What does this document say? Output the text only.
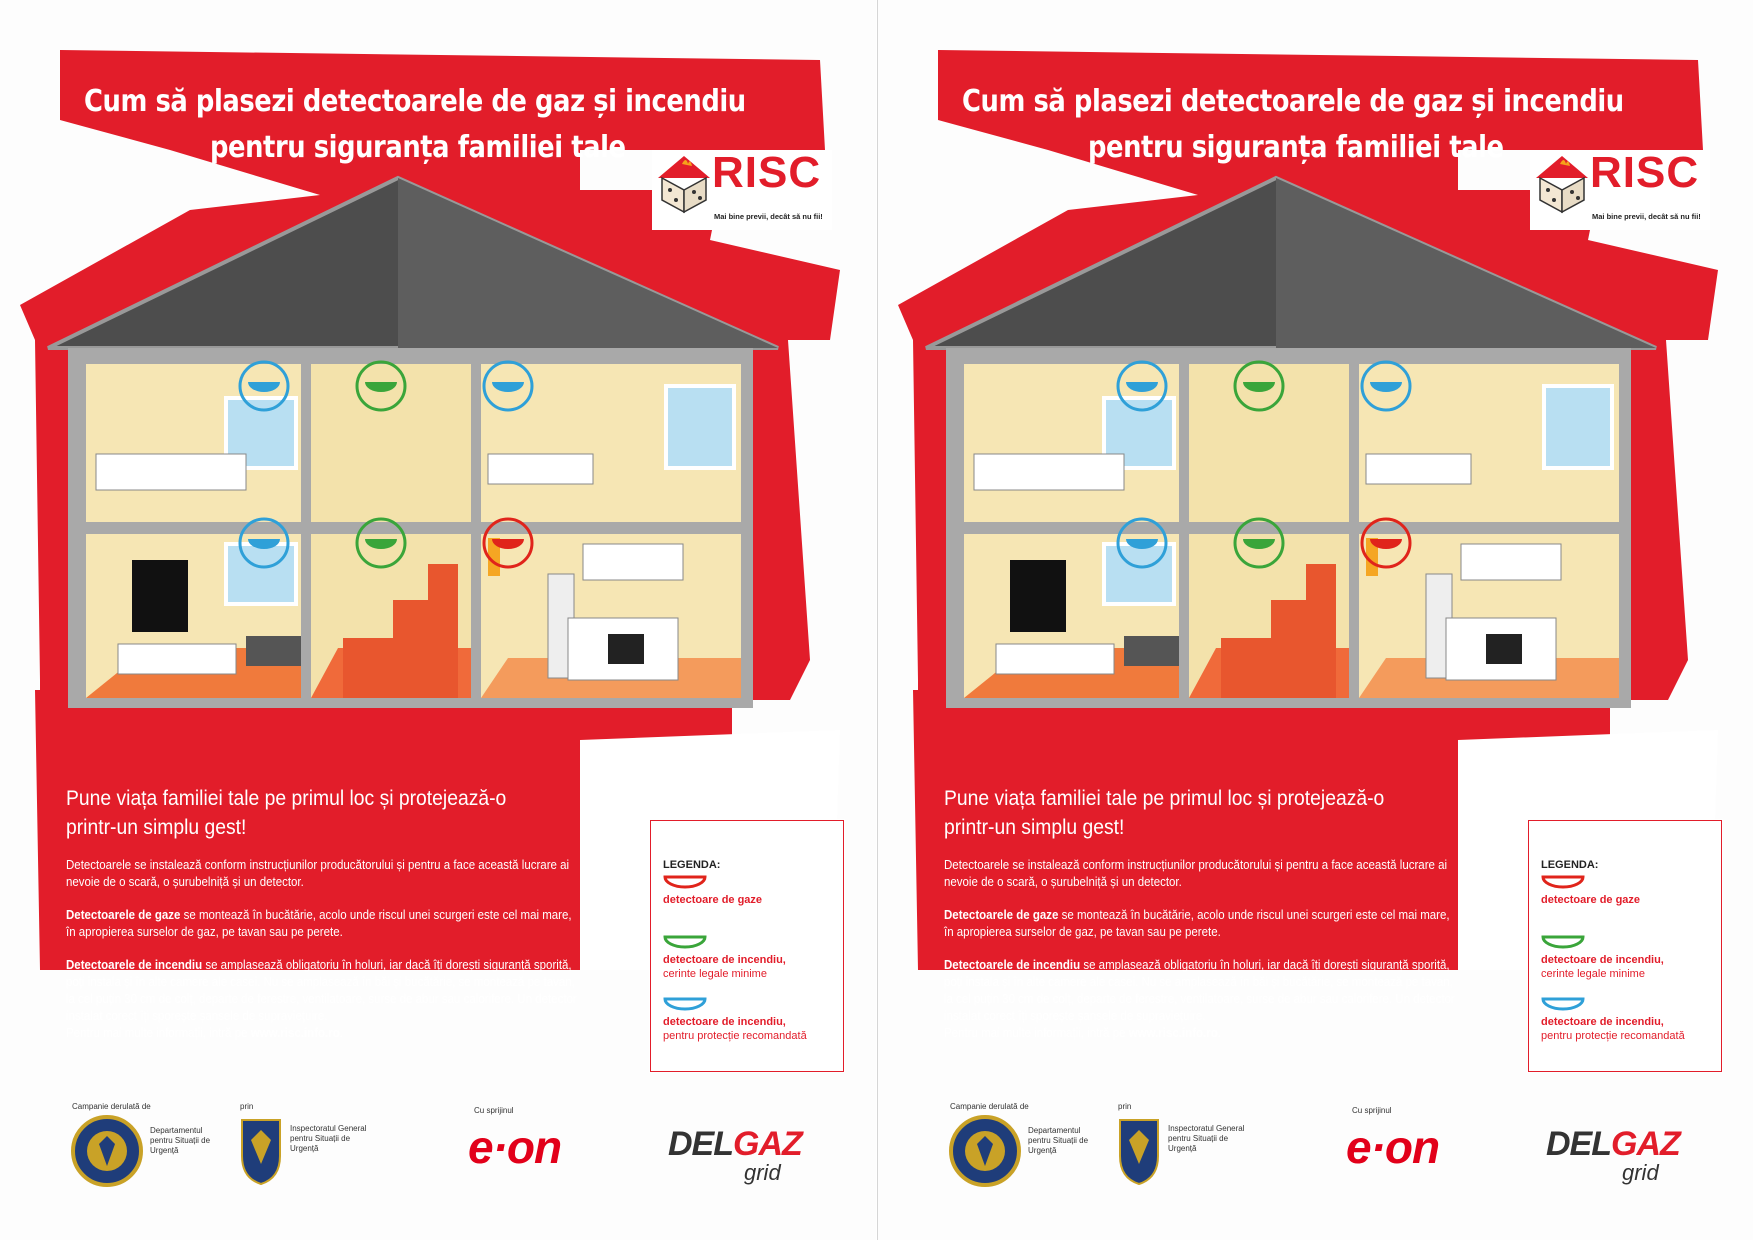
Cum să plasezi detectoarele de gaz și incendiu
pentru siguranța familiei tale
RISC
Mai bine previi, decât să nu fii!
Pune viața familiei tale pe primul loc și protejează-o printr-un simplu gest!

Detectoarele se instalează conform instrucțiunilor producătorului și pentru a face această lucrare ai nevoie de o scară, o șurubelniță și un detector.

Detectoarele de gaze se montează în bucătărie, acolo unde riscul unei scurgeri este cel mai mare, în apropierea surselor de gaz, pe tavan sau pe perete.

Detectoarele de incendiu se amplasează obligatoriu în holuri, iar dacă îți dorești siguranță sporită, poți instala și în alte camere ale casei. Nu se amplasează în băi și bucătărie, se montează pe tavan, la cel puțin 30 cm de colț, departe de ferestre, ventilatoare, surse de abur sau calorifere. Un detector instalat corect îți sporește șansele de supraviețuire.
Pentru mai multe informații, intră pe www.risc.info.ro.

LEGENDA:
detectoare de gaze
detectoare de incendiu,
cerinte legale minime
detectoare de incendiu,
pentru protecție recomandată
Campanie derulată de
Departamentul pentru Situații de Urgență
prin
Inspectoratul General pentru Situații de Urgență
Cu sprijinul
e·on	DELGAZ
grid
Cum să plasezi detectoarele de gaz și incendiu
pentru siguranța familiei tale
RISC
Mai bine previi, decât să nu fii!
Pune viața familiei tale pe primul loc și protejează-o printr-un simplu gest!

Detectoarele se instalează conform instrucțiunilor producătorului și pentru a face această lucrare ai nevoie de o scară, o șurubelniță și un detector.

Detectoarele de gaze se montează în bucătărie, acolo unde riscul unei scurgeri este cel mai mare, în apropierea surselor de gaz, pe tavan sau pe perete.

Detectoarele de incendiu se amplasează obligatoriu în holuri, iar dacă îți dorești siguranță sporită, poți instala și în alte camere ale casei. Nu se amplasează în băi și bucătărie, se montează pe tavan, la cel puțin 30 cm de colț, departe de ferestre, ventilatoare, surse de abur sau calorifere. Un detector instalat corect îți sporește șansele de supraviețuire.
Pentru mai multe informații, intră pe www.risc.info.ro.

LEGENDA:
detectoare de gaze
detectoare de incendiu,
cerinte legale minime
detectoare de incendiu,
pentru protecție recomandată
Campanie derulată de
Departamentul pentru Situații de Urgență
prin
Inspectoratul General pentru Situații de Urgență
Cu sprijinul
e·on	DELGAZ
grid
